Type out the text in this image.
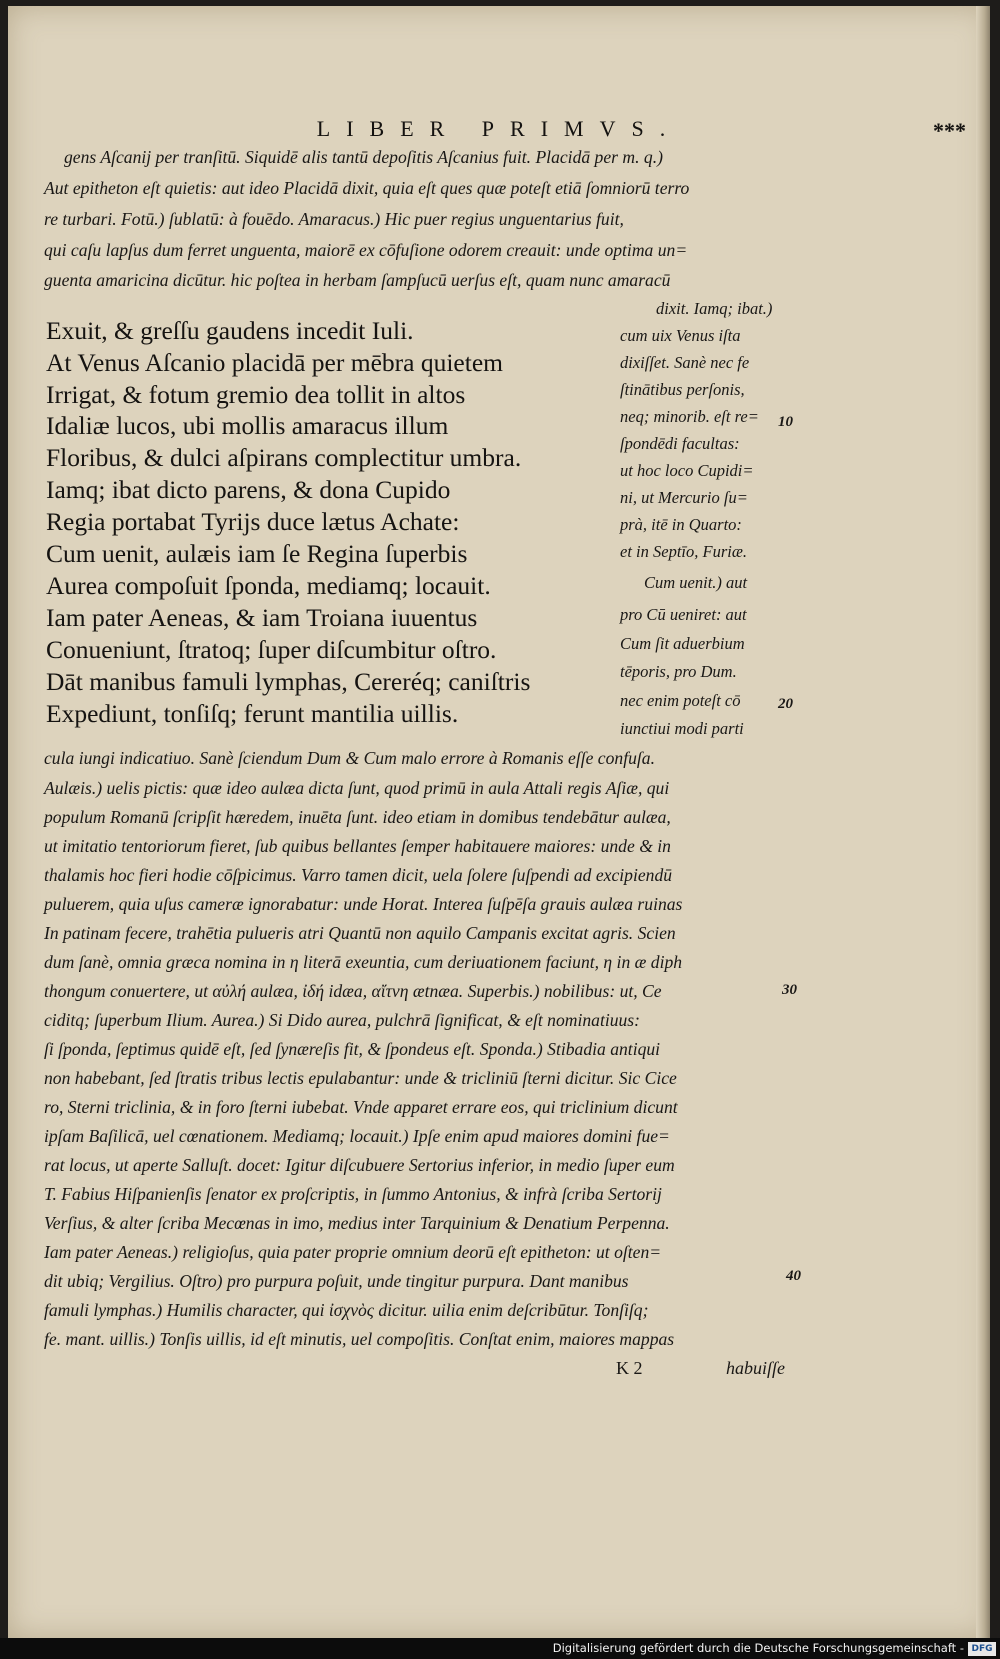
LIBER PRIMVS.	***
gens Aſcanij per tranſitū. Siquidē alis tantū depoſitis Aſcanius fuit. Placidā per m. q.)
Aut epitheton eſt quietis: aut ideo Placidā dixit, quia eſt ques quæ poteſt etiā ſomniorū terro
re turbari. Fotū.) ſublatū: à fouēdo. Amaracus.) Hic puer regius unguentarius fuit,
qui caſu lapſus dum ferret unguenta, maiorē ex cōfuſione odorem creauit: unde optima un=
guenta amaricina dicūtur. hic poſtea in herbam ſampſucū uerſus eſt, quam nunc amaracū
Exuit, & greſſu gaudens incedit Iuli.
At Venus Aſcanio placidā per mēbra quietem
Irrigat, & fotum gremio dea tollit in altos
Idaliæ lucos, ubi mollis amaracus illum
Floribus, & dulci aſpirans complectitur umbra.
Iamq; ibat dicto parens, & dona Cupido
Regia portabat Tyrijs duce lætus Achate:
Cum uenit, aulæis iam ſe Regina ſuperbis
Aurea compoſuit ſponda, mediamq; locauit.
Iam pater Aeneas, & iam Troiana iuuentus
Conueniunt, ſtratoq; ſuper diſcumbitur oſtro.
Dāt manibus famuli lymphas, Cereréq; caniſtris
Expediunt, tonſiſq; ferunt mantilia uillis.
dixit. Iamq; ibat.)
cum uix Venus iſta
dixiſſet. Sanè nec fe
ſtinātibus perſonis,
neq; minorib. eſt re=
ſpondēdi facultas:
ut hoc loco Cupidi=
ni, ut Mercurio ſu=
prà, itē in Quarto:
et in Septīo, Furiæ.
Cum uenit.) aut
pro Cū ueniret: aut
Cum ſit aduerbium
tēporis, pro Dum.
nec enim poteſt cō
iunctiui modi parti
cula iungi indicatiuo. Sanè ſciendum Dum & Cum malo errore à Romanis eſſe confuſa.
Aulæis.) uelis pictis: quæ ideo aulæa dicta ſunt, quod primū in aula Attali regis Aſiæ, qui
populum Romanū ſcripſit hæredem, inuēta ſunt. ideo etiam in domibus tendebātur aulæa,
ut imitatio tentoriorum fieret, ſub quibus bellantes ſemper habitauere maiores: unde & in
thalamis hoc fieri hodie cōſpicimus. Varro tamen dicit, uela ſolere ſuſpendi ad excipiendū
puluerem, quia uſus cameræ ignorabatur: unde Horat. Interea ſuſpēſa grauis aulæa ruinas
In patinam fecere, trahētia pulueris atri Quantū non aquilo Campanis excitat agris. Scien
dum ſanè, omnia græca nomina in η literā exeuntia, cum deriuationem faciunt, η in æ diph
thongum conuertere, ut αὐλή aulæa, ἰδή idæa, αἴτνη ætnæa. Superbis.) nobilibus: ut, Ce
ciditq; ſuperbum Ilium. Aurea.) Si Dido aurea, pulchrā ſignificat, & eſt nominatiuus:
ſi ſponda, ſeptimus quidē eſt, ſed ſynæreſis fit, & ſpondeus eſt. Sponda.) Stibadia antiqui
non habebant, ſed ſtratis tribus lectis epulabantur: unde & tricliniū ſterni dicitur. Sic Cice
ro, Sterni triclinia, & in foro ſterni iubebat. Vnde apparet errare eos, qui triclinium dicunt
ipſam Baſilicā, uel cœnationem. Mediamq; locauit.) Ipſe enim apud maiores domini fue=
rat locus, ut aperte Salluſt. docet: Igitur diſcubuere Sertorius inferior, in medio ſuper eum
T. Fabius Hiſpanienſis ſenator ex proſcriptis, in ſummo Antonius, & infrà ſcriba Sertorij
Verſius, & alter ſcriba Mecœnas in imo, medius inter Tarquinium & Denatium Perpenna.
Iam pater Aeneas.) religioſus, quia pater proprie omnium deorū eſt epitheton: ut oſten=
dit ubiq; Vergilius. Oſtro) pro purpura poſuit, unde tingitur purpura. Dant manibus
famuli lymphas.) Humilis character, qui ἰσχνὸς dicitur. uilia enim deſcribūtur. Tonſiſq;
fe. mant. uillis.) Tonſis uillis, id eſt minutis, uel compoſitis. Conſtat enim, maiores mappas
10
20
30
40
K 2	habuiſſe
Digitalisierung gefördert durch die Deutsche Forschungsgemeinschaft - DFG
